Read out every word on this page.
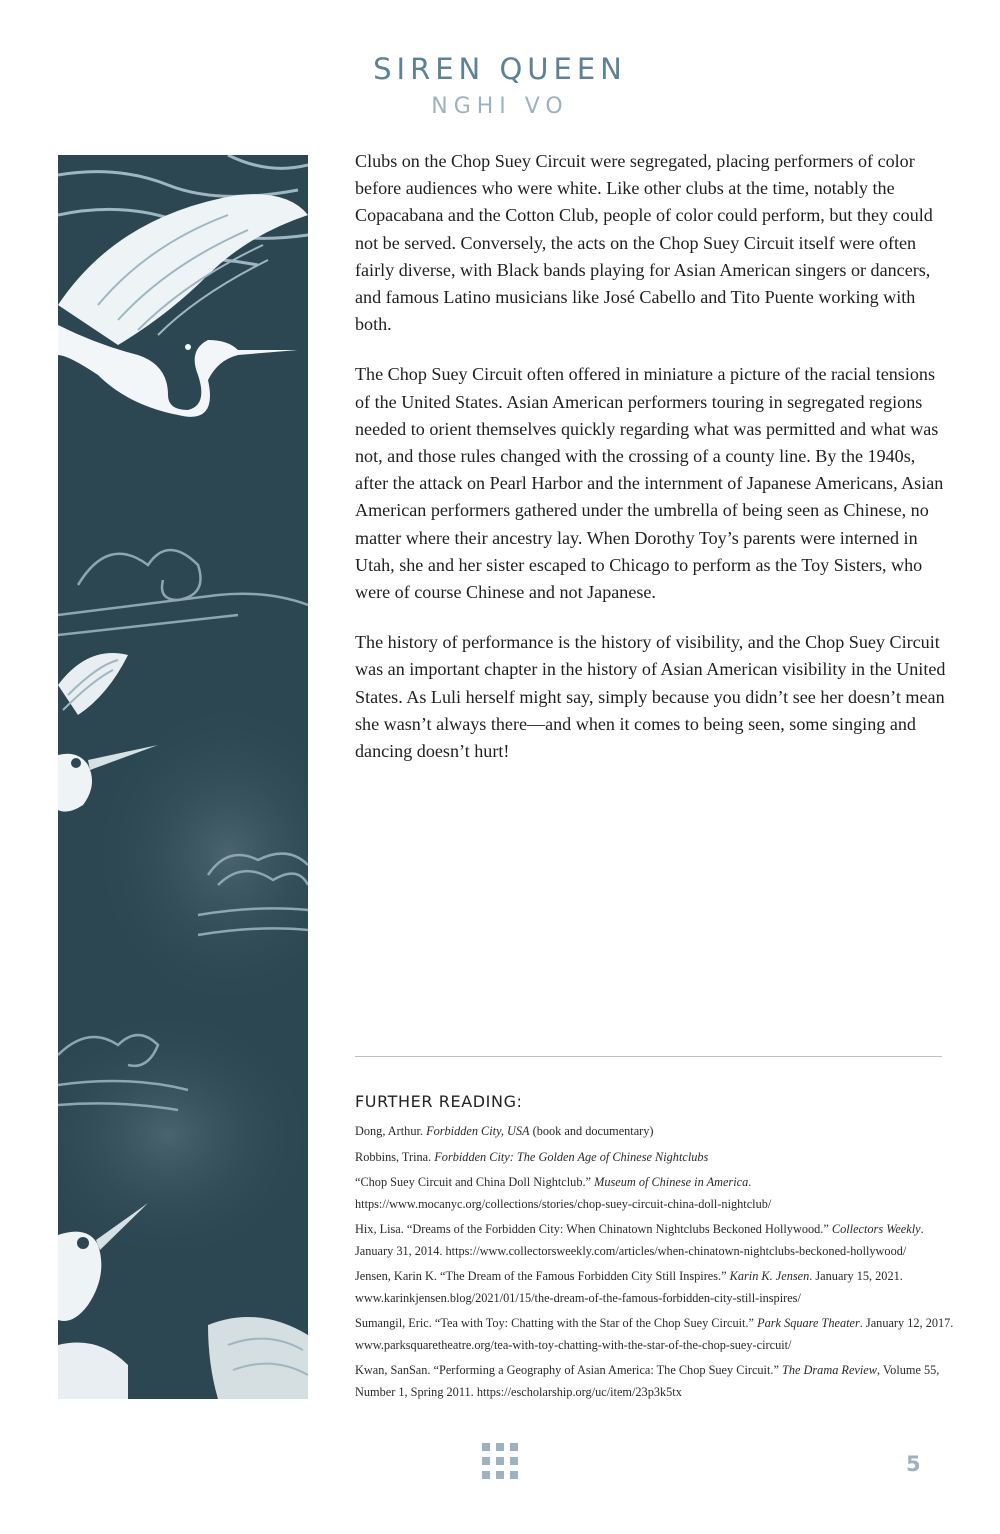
SIREN QUEEN
NGHI VO

Clubs on the Chop Suey Circuit were segregated, placing performers of color before audiences who were white. Like other clubs at the time, notably the Copacabana and the Cotton Club, people of color could perform, but they could not be served. Conversely, the acts on the Chop Suey Circuit itself were often fairly diverse, with Black bands playing for Asian American singers or dancers, and famous Latino musicians like José Cabello and Tito Puente working with both.

The Chop Suey Circuit often offered in miniature a picture of the racial tensions of the United States. Asian American performers touring in segregated regions needed to orient themselves quickly regarding what was permitted and what was not, and those rules changed with the crossing of a county line. By the 1940s, after the attack on Pearl Harbor and the internment of Japanese Americans, Asian American performers gathered under the umbrella of being seen as Chinese, no matter where their ancestry lay. When Dorothy Toy’s parents were interned in Utah, she and her sister escaped to Chicago to perform as the Toy Sisters, who were of course Chinese and not Japanese.

The history of performance is the history of visibility, and the Chop Suey Circuit was an important chapter in the history of Asian American visibility in the United States. As Luli herself might say, simply because you didn’t see her doesn’t mean she wasn’t always there—and when it comes to being seen, some singing and dancing doesn’t hurt!

FURTHER READING:
Dong, Arthur. Forbidden City, USA (book and documentary)
Robbins, Trina. Forbidden City: The Golden Age of Chinese Nightclubs
“Chop Suey Circuit and China Doll Nightclub.” Museum of Chinese in America. https://www.mocanyc.org/collections/stories/chop-suey-circuit-china-doll-nightclub/
Hix, Lisa. “Dreams of the Forbidden City: When Chinatown Nightclubs Beckoned Hollywood.” Collectors Weekly. January 31, 2014. https://www.collectorsweekly.com/articles/when-chinatown-nightclubs-beckoned-hollywood/
Jensen, Karin K. “The Dream of the Famous Forbidden City Still Inspires.” Karin K. Jensen. January 15, 2021. www.karinkjensen.blog/2021/01/15/the-dream-of-the-famous-forbidden-city-still-inspires/
Sumangil, Eric. “Tea with Toy: Chatting with the Star of the Chop Suey Circuit.” Park Square Theater. January 12, 2017. www.parksquaretheatre.org/tea-with-toy-chatting-with-the-star-of-the-chop-suey-circuit/
Kwan, SanSan. “Performing a Geography of Asian America: The Chop Suey Circuit.” The Drama Review, Volume 55, Number 1, Spring 2011. https://escholarship.org/uc/item/23p3k5tx
5
